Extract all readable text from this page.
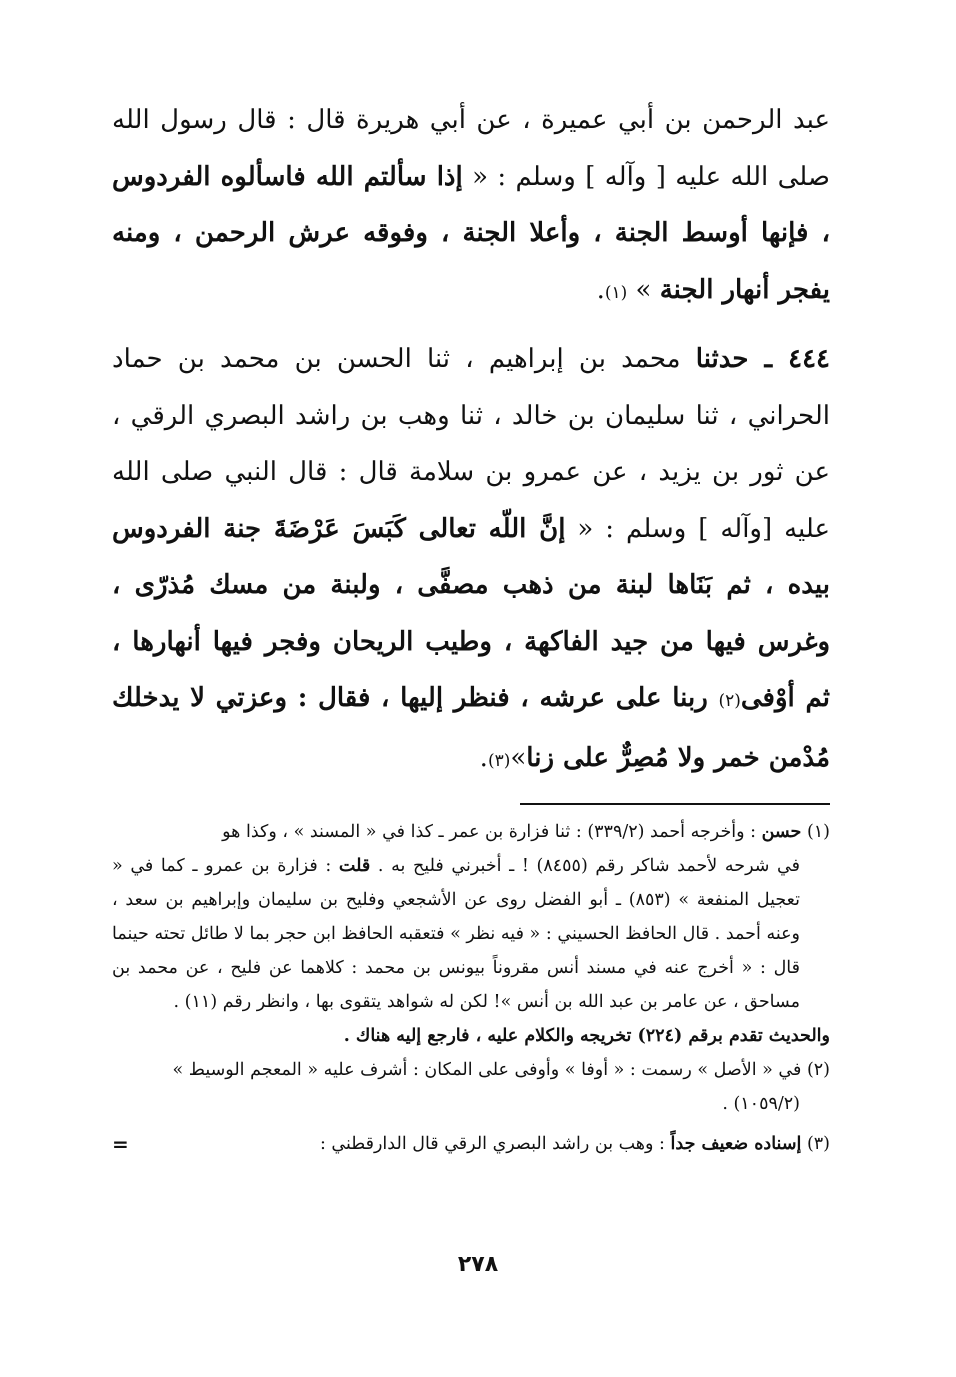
عبد الرحمن بن أبي عميرة ، عن أبي هريرة قال : قال رسول الله صلى الله عليه [ وآله ] وسلم : « إذا سألتم الله فاسألوه الفردوس ، فإنها أوسط الجنة ، وأعلا الجنة ، وفوقه عرش الرحمن ، ومنه يفجر أنهار الجنة » (١).

٤٤٤ ـ حدثنا محمد بن إبراهيم ، ثنا الحسن بن محمد بن حماد الحراني ، ثنا سليمان بن خالد ، ثنا وهب بن راشد البصري الرقي ، عن ثور بن يزيد ، عن عمرو بن سلامة قال : قال النبي صلى الله عليه [وآله ] وسلم : « إنَّ اللّه تعالى كَبَسَ عَرْضَةَ جنة الفردوس بيده ، ثم بَنَاها لبنة من ذهب مصفَّى ، ولبنة من مسك مُذرّى ، وغرس فيها من جيد الفاكهة ، وطيب الريحان وفجر فيها أنهارها ، ثم أوْفى(٢) ربنا على عرشه ، فنظر إليها ، فقال : وعزتي لا يدخلك مُدْمن خمر ولا مُصِرٌّ على زنا»(٣).

(١) حسن : وأخرجه أحمد (٣٣٩/٢) : ثنا فزارة بن عمر ـ كذا في « المسند » ، وكذا هو

في شرحه لأحمد شاكر رقم (٨٤٥٥) ! ـ أخبرني فليح به . قلت : فزارة بن عمرو ـ كما في « تعجيل المنفعة » (٨٥٣) ـ أبو الفضل روى عن الأشجعي وفليح بن سليمان وإبراهيم بن سعد ، وعنه أحمد . قال الحافظ الحسيني : « فيه نظر » فتعقبه الحافظ ابن حجر بما لا طائل تحته حينما قال : « أخرج عنه في مسند أنس مقروناً بيونس بن محمد : كلاهما عن فليح ، عن محمد بن مساحق ، عن عامر بن عبد الله بن أنس »! لكن له شواهد يتقوى بها ، وانظر رقم (١١) .

والحديث تقدم برقم (٢٢٤) تخريجه والكلام عليه ، فارجع إليه هناك .

(٢) في « الأصل » رسمت : « أوفا » وأوفى على المكان : أشرف عليه « المعجم الوسيط »

(١٠٥٩/٢) .

(٣) إسناده ضعيف جداً : وهب بن راشد البصري الرقي قال الدارقطني :
=

٢٧٨
